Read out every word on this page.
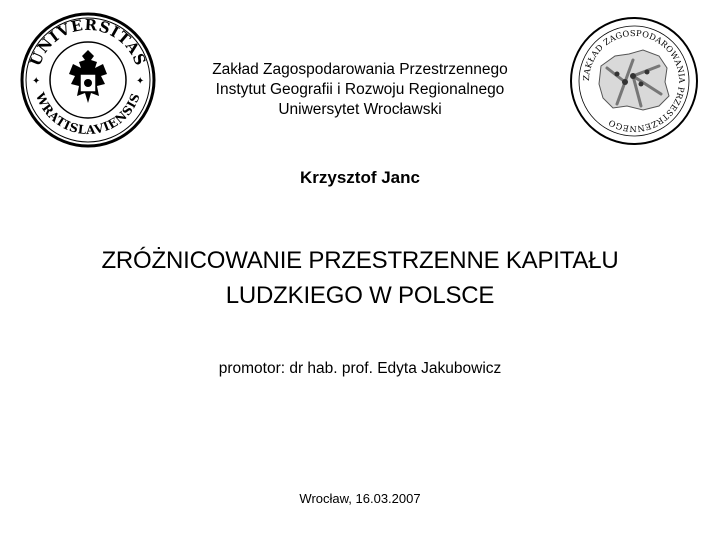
UNIVERSITAS
WRATISLAVIENSIS
✦	✦
Zakład Zagospodarowania Przestrzennego
Instytut Geografii i Rozwoju Regionalnego
Uniwersytet Wrocławski
ZAKŁAD ZAGOSPODAROWANIA PRZESTRZENNEGO
Krzysztof Janc
ZRÓŻNICOWANIE PRZESTRZENNE KAPITAŁU
LUDZKIEGO W POLSCE
promotor: dr hab. prof. Edyta Jakubowicz
Wrocław, 16.03.2007
